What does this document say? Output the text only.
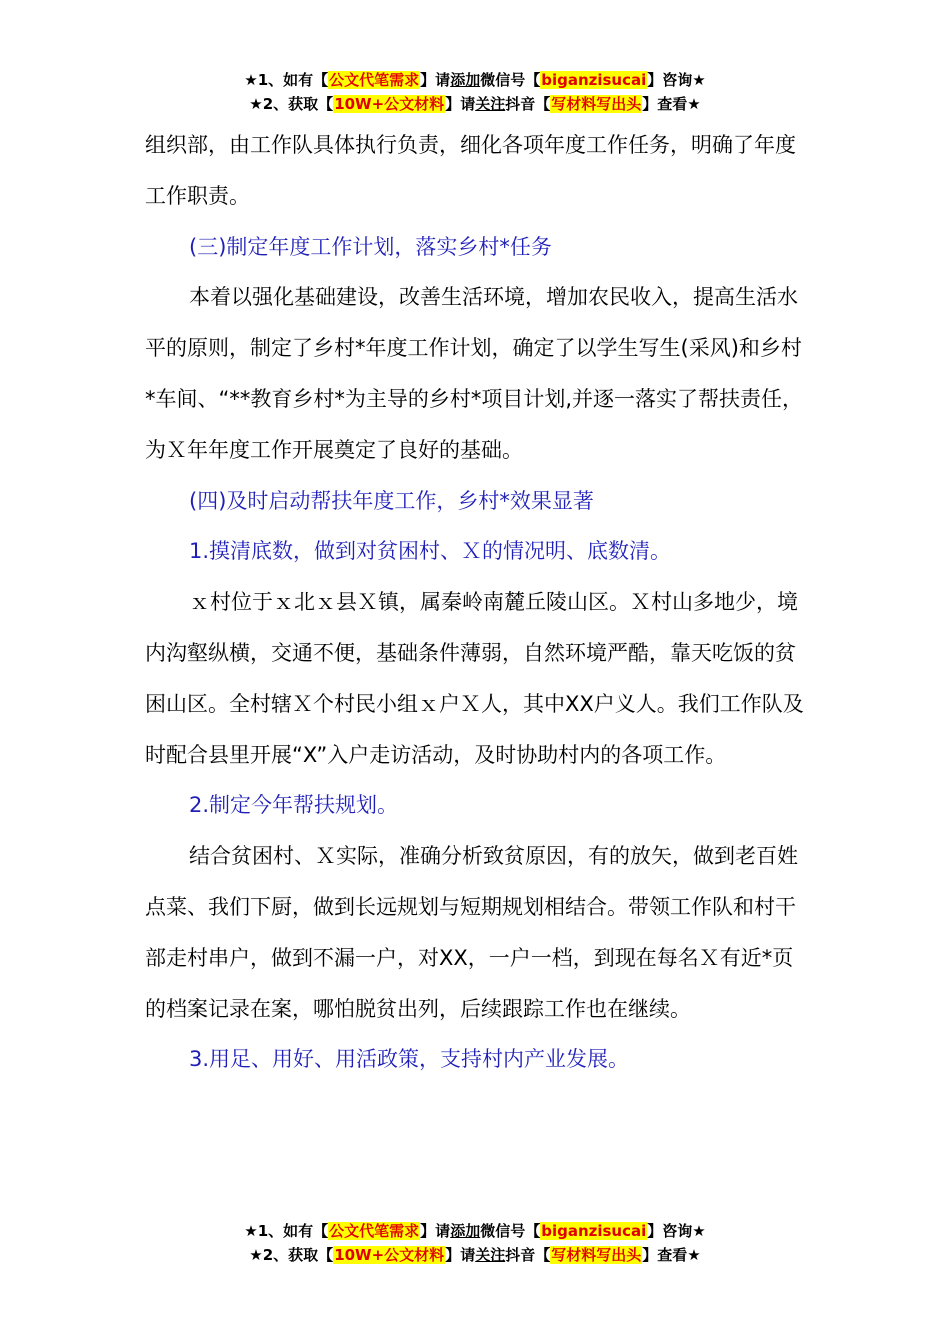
★1、如有【公文代笔需求】请添加微信号【biganzisucai】咨询★
★2、获取【10W+公文材料】请关注抖音【写材料写出头】查看★

组织部，由工作队具体执行负责，细化各项年度工作任务，明确了年度工作职责。

(三)制定年度工作计划，落实乡村*任务

本着以强化基础建设，改善生活环境，增加农民收入，提高生活水平的原则，制定了乡村*年度工作计划，确定了以学生写生(采风)和乡村*车间、“**教育乡村*为主导的乡村*项目计划,并逐一落实了帮扶责任，为Ｘ年年度工作开展奠定了良好的基础。

(四)及时启动帮扶年度工作，乡村*效果显著

1.摸清底数，做到对贫困村、Ｘ的情况明、底数清。

ｘ村位于ｘ北ｘ县Ｘ镇，属秦岭南麓丘陵山区。Ｘ村山多地少，境内沟壑纵横，交通不便，基础条件薄弱，自然环境严酷，靠天吃饭的贫困山区。全村辖Ｘ个村民小组ｘ户Ｘ人，其中XX户义人。我们工作队及时配合县里开展“X”入户走访活动，及时协助村内的各项工作。

2.制定今年帮扶规划。

结合贫困村、Ｘ实际，准确分析致贫原因，有的放矢，做到老百姓点菜、我们下厨，做到长远规划与短期规划相结合。带领工作队和村干部走村串户，做到不漏一户，对XX，一户一档，到现在每名Ｘ有近*页的档案记录在案，哪怕脱贫出列，后续跟踪工作也在继续。

3.用足、用好、用活政策，支持村内产业发展。

★1、如有【公文代笔需求】请添加微信号【biganzisucai】咨询★
★2、获取【10W+公文材料】请关注抖音【写材料写出头】查看★
